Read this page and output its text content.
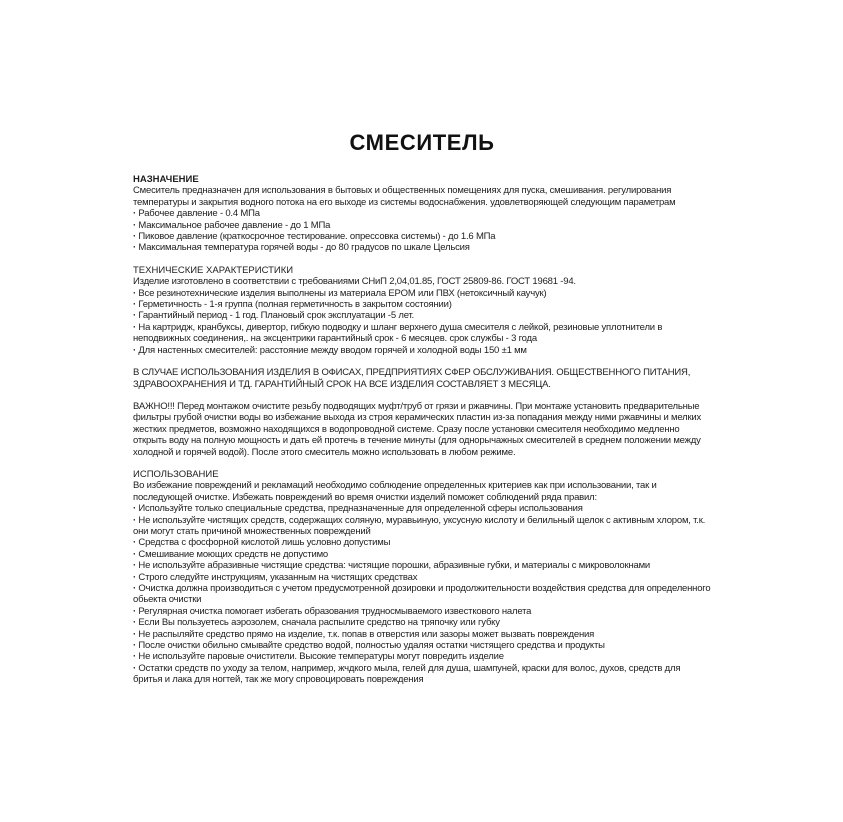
СМЕСИТЕЛЬ
НАЗНАЧЕНИЕ

Смеситель предназначен для использования в бытовых и общественных помещениях для пуска, смешивания. регулирования температуры и закрытия водного потока на его выходе из системы водоснабжения. удовлетворяющей следующим параметрам

· Рабочее давление - 0.4 МПа
· Максимальное рабочее давление - до 1 МПа
· Пиковое давление (краткосрочное тестирование. опрессовка системы) - до 1.6 МПа
· Максимальная температура горячей воды - до 80 градусов по шкале Цельсия
ТЕХНИЧЕСКИЕ ХАРАКТЕРИСТИКИ

Изделие изготовлено в соответствии с требованиями СНиП 2,04,01.85, ГОСТ 25809-86. ГОСТ 19681 -94.

· Все резинотехнические изделия выполнены из материала EPOM или ПВХ (нетоксичный каучук)
· Герметичность - 1-я группа (полная герметичность в закрытом состоянии)
· Гарантийный период - 1 год. Плановый срок эксплуатации -5 лет.
· На картридж, кранбуксы, дивертор, гибкую подводку и шланг верхнего душа смесителя с лейкой, резиновые уплотнители в неподвижных соединения,. на эксцентрики гарантийный срок - 6 месяцев. срок службы - 3 года
· Для настенных смесителей: расстояние между вводом горячей и холодной воды 150 ±1 мм

В СЛУЧАЕ ИСПОЛЬЗОВАНИЯ ИЗДЕЛИЯ В ОФИСАХ, ПРЕДПРИЯТИЯХ СФЕР ОБСЛУЖИВАНИЯ. ОБЩЕСТВЕННОГО ПИТАНИЯ, ЗДРАВООХРАНЕНИЯ И ТД. ГАРАНТИЙНЫЙ СРОК НА ВСЕ ИЗДЕЛИЯ СОСТАВЛЯЕТ 3 МЕСЯЦА.

ВАЖНО!!! Перед монтажом очистите резьбу подводящих муфт/труб от грязи и ржавчины. При монтаже установить предварительные фильтры грубой очистки воды во избежание выхода из строя керамических пластин из-за попадания между ними ржавчины и мелких жестких предметов, возможно находящихся в водопроводной системе. Сразу после установки смесителя необходимо медленно открыть воду на полную мощность и дать ей протечь в течение минуты (для однорычажных смесителей в среднем положении между холодной и горячей водой). После этого смеситель можно использовать в любом режиме.

ИСПОЛЬЗОВАНИЕ

Во избежание повреждений и рекламаций необходимо соблюдение определенных критериев как при использовании, так и последующей очистке. Избежать повреждений во время очистки изделий поможет соблюдений ряда правил:

· Используйте только специальные средства, предназначенные для определенной сферы использования
· Не используйте чистящих средств, содержащих соляную, муравьиную, уксусную кислоту и белильный щелок с активным хлором, т.к. они могут стать причиной множественных повреждений
· Средства с фосфорной кислотой лишь условно допустимы
· Смешивание моющих средств не допустимо
· Не используйте абразивные чистящие средства: чистящие порошки, абразивные губки, и материалы с микроволокнами
· Строго следуйте инструкциям, указанным на чистящих средствах
· Очистка должна производиться с учетом предусмотренной дозировки и продолжительности воздействия средства для определенного обьекта очистки
· Регулярная очистка помогает избегать образования трудносмываемого известкового налета
· Если Вы пользуетесь аэрозолем, сначала распылите средство на тряпочку или губку
· Не распыляйте средство прямо на изделие, т.к. попав в отверстия или зазоры может вызвать повреждения
· После очистки обильно смывайте средство водой, полностью удаляя остатки чистящего средства и продукты
· Не используйте паровые очистители. Высокие температуры могут повредить изделие
· Остатки средств по уходу за телом, например, жчдкого мыла, гелей для душа, шампуней, краски для волос, духов, средств для бритья и лака для ногтей, так же могу спровоцировать повреждения
